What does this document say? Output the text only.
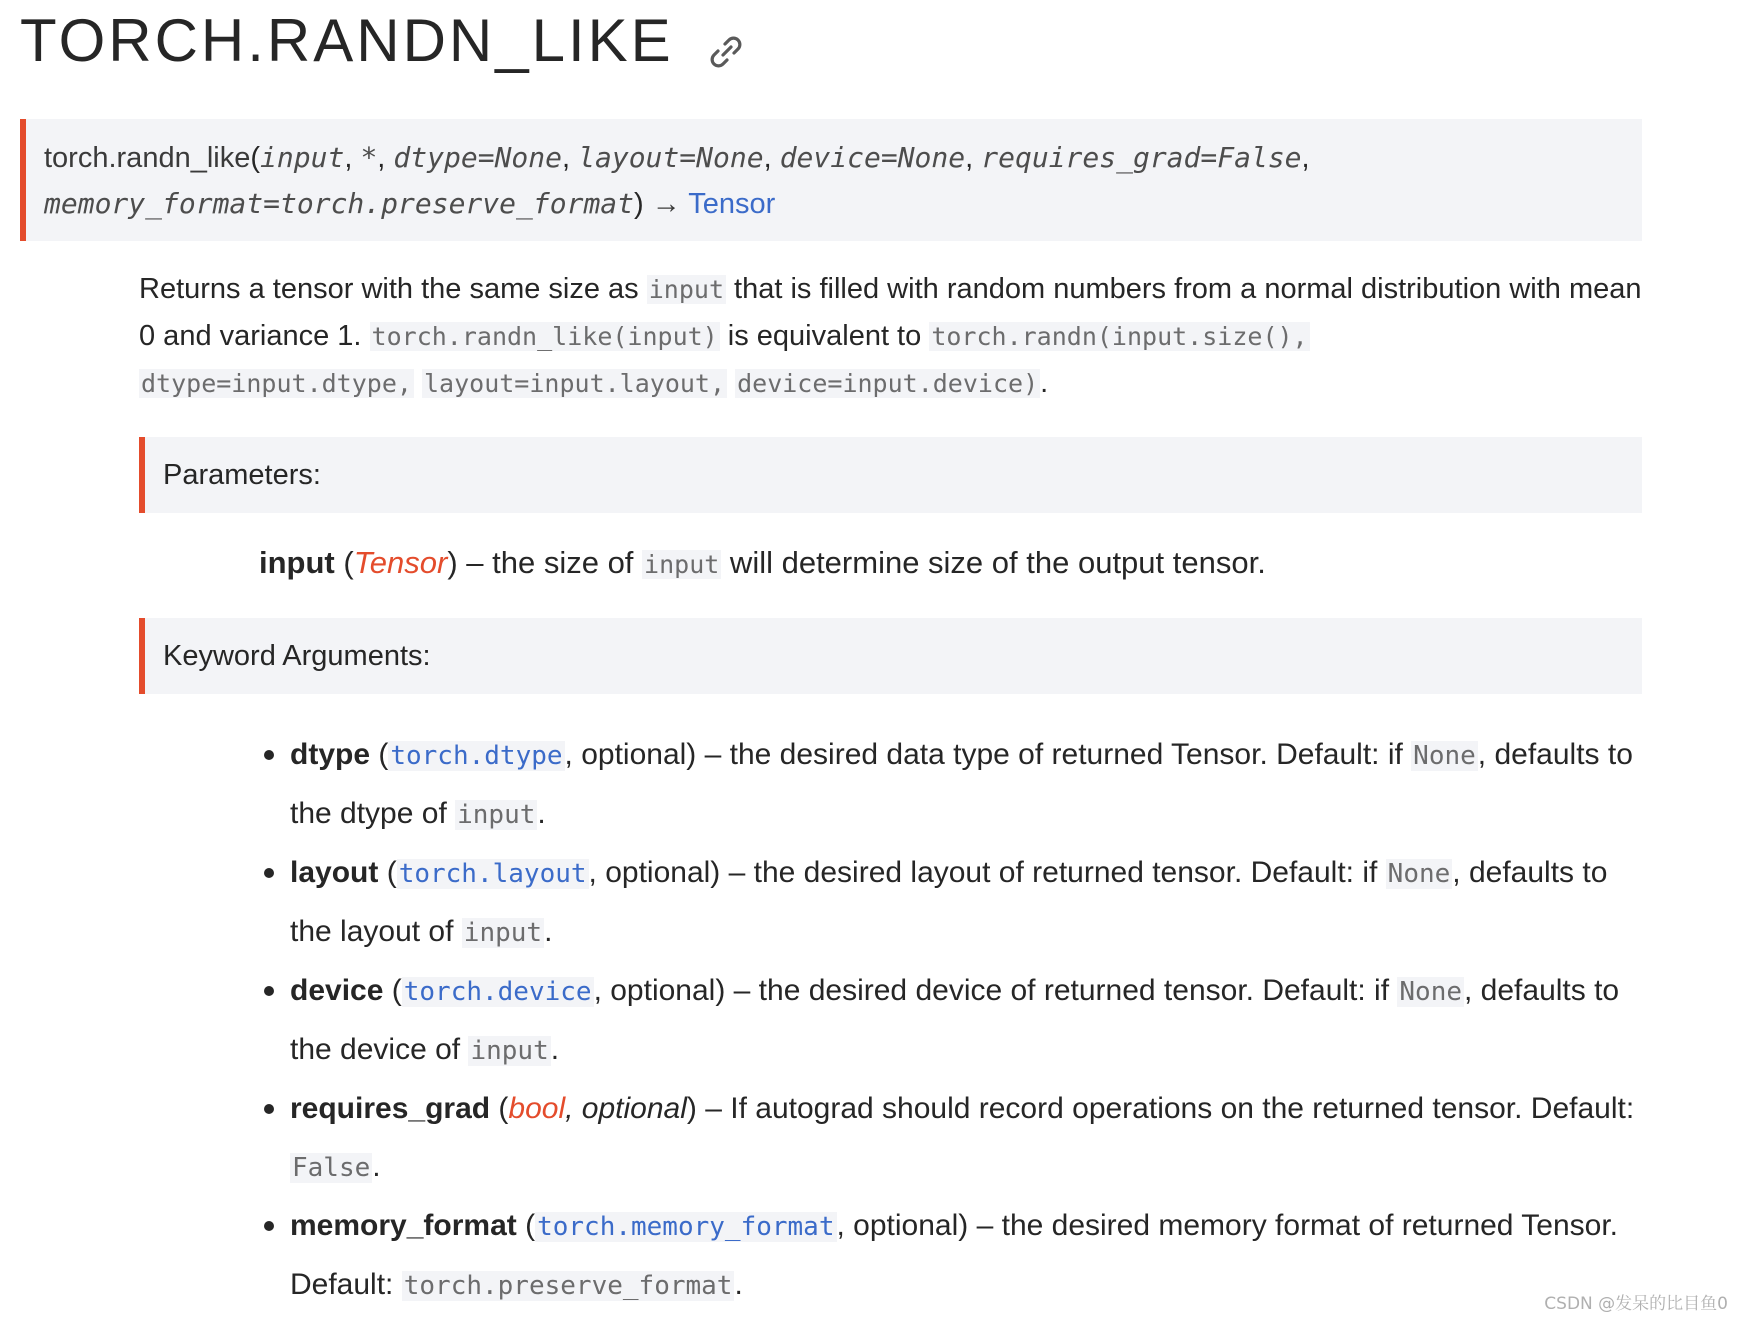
TORCH.RANDN_LIKE
torch.randn_like(input, *, dtype=None, layout=None, device=None, requires_grad=False,
memory_format=torch.preserve_format) → Tensor
Returns a tensor with the same size as input that is filled with random numbers from a normal distribution with mean 0 and variance 1. torch.randn_like(input) is equivalent to torch.randn(input.size(),
dtype=input.dtype, layout=input.layout, device=input.device).
Parameters:
input (Tensor) – the size of input will determine size of the output tensor.
Keyword Arguments:
dtype (torch.dtype, optional) – the desired data type of returned Tensor. Default: if None, defaults to the dtype of input.
layout (torch.layout, optional) – the desired layout of returned tensor. Default: if None, defaults to the layout of input.
device (torch.device, optional) – the desired device of returned tensor. Default: if None, defaults to the device of input.
requires_grad (bool, optional) – If autograd should record operations on the returned tensor. Default: False.
memory_format (torch.memory_format, optional) – the desired memory format of returned Tensor. Default: torch.preserve_format.
CSDN @发呆的比目鱼0
